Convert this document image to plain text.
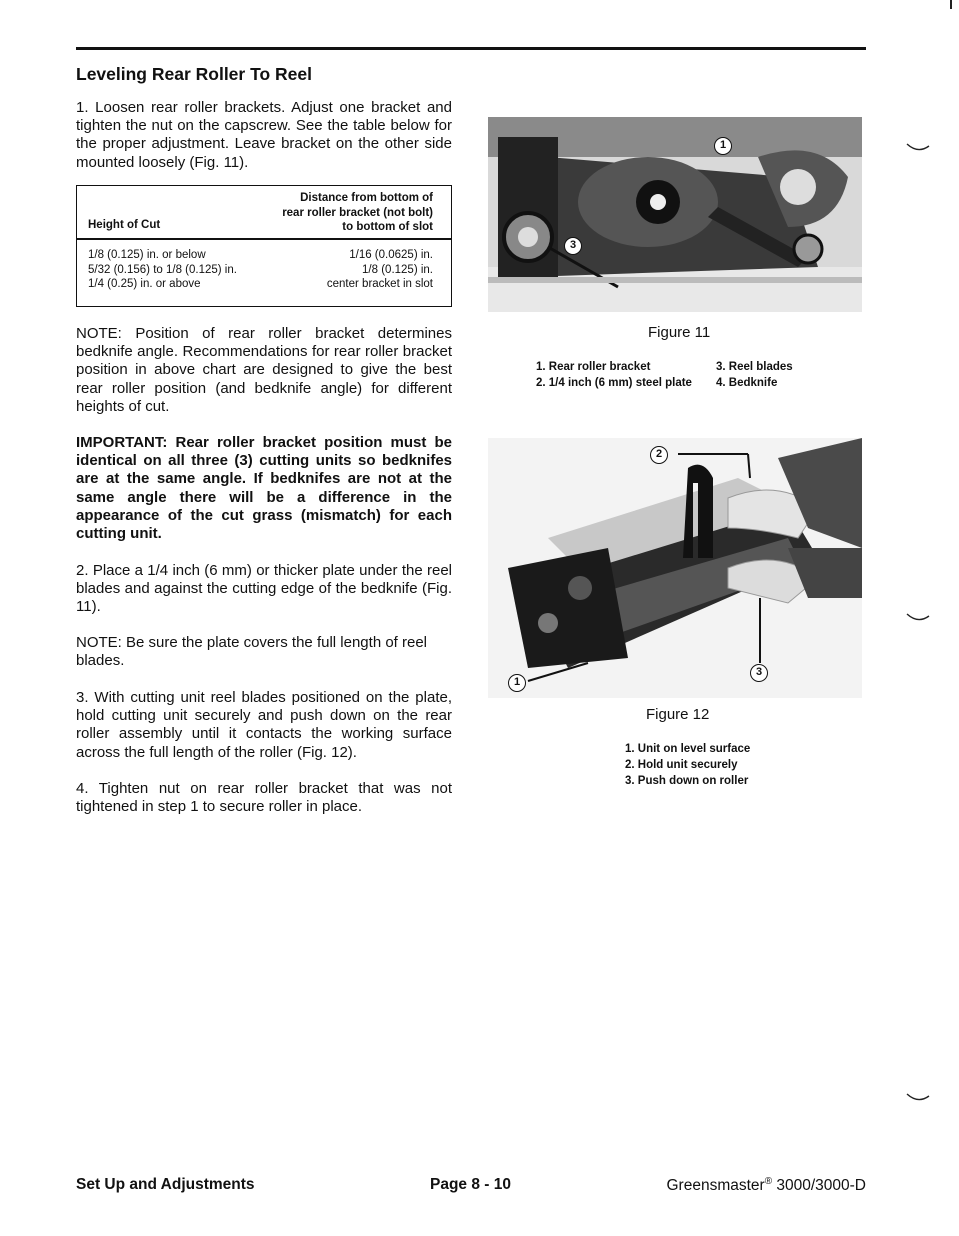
Leveling Rear Roller To Reel

1. Loosen rear roller brackets. Adjust one bracket and tighten the nut on the capscrew. See the table below for the proper adjustment. Leave bracket on the other side mounted loosely (Fig. 11).

Height of Cut
Distance from bottom of
rear roller bracket (not bolt)
to bottom of slot
1/8 (0.125) in. or below	1/16 (0.0625) in.
5/32 (0.156) to 1/8 (0.125) in.	1/8 (0.125) in.
1/4 (0.25) in. or above	center bracket in slot

NOTE: Position of rear roller bracket determines bedknife angle. Recommendations for rear roller bracket position in above chart are designed to give the best rear roller position (and bedknife angle) for different heights of cut.

IMPORTANT: Rear roller bracket position must be identical on all three (3) cutting units so bedknifes are at the same angle. If bedknifes are not at the same angle there will be a difference in the appearance of the cut grass (mismatch) for each cutting unit.

2. Place a 1/4 inch (6 mm) or thicker plate under the reel blades and against the cutting edge of the bedknife (Fig. 11).

NOTE: Be sure the plate covers the full length of reel blades.

3. With cutting unit reel blades positioned on the plate, hold cutting unit securely and push down on the rear roller assembly until it contacts the working surface across the full length of the roller (Fig. 12).

4. Tighten nut on rear roller bracket that was not tightened in step 1 to secure roller in place.

1
3

Figure 11

1. Rear roller bracket	3. Reel blades
2. 1/4 inch (6 mm) steel plate 4. Bedknife
2
1
3

Figure 12

1. Unit on level surface
2. Hold unit securely
3. Push down on roller

Set Up and Adjustments	Page 8 - 10	Greensmaster® 3000/3000-D
